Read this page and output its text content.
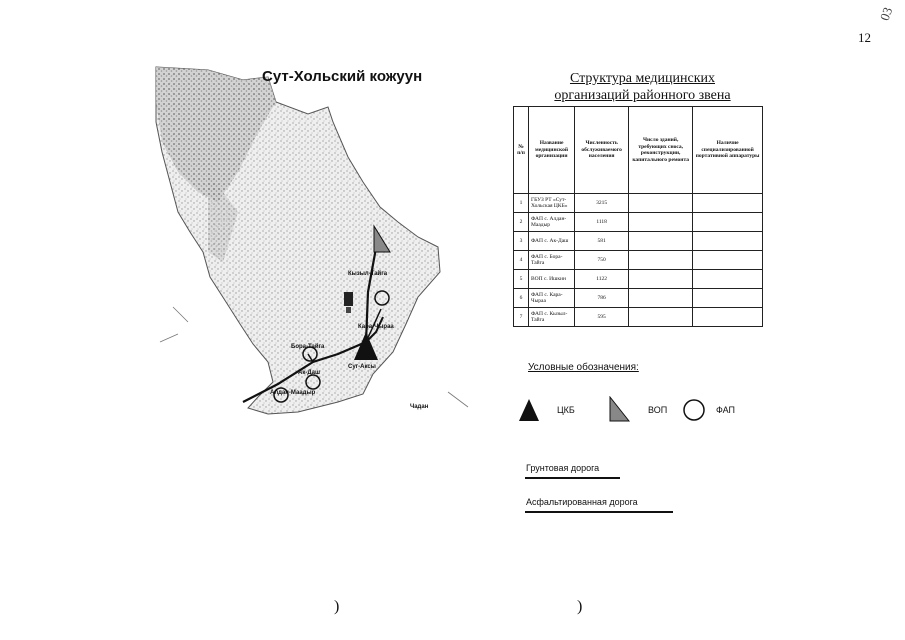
03
12
Кызыл-Тайга
Кара-Чыраа
Бора-Тайга
Ак-Даш
Суг-Аксы
Алдан-Маадыр
Чадан
Сут-Хольский кожуун	Структура медицинских
организаций районного звена
№ п/п	Название медицинской организации	Численность обслуживаемого населения	Число зданий, требующих сноса, реконструкции, капитального ремонта	Наличие специализированной портативной аппаратуры
1	ГБУЗ РТ «Сут-Хольская ЦКБ»	3215		
2	ФАП с. Алдан-Маадыр	1118		
3	ФАП с. Ак-Даш	581		
4	ФАП с. Бора-Тайга	750		
5	ВОП с. Ишкин	1122		
6	ФАП с. Кара-Чыраа	786		
7	ФАП с. Кызыл-Тайга	595		
Условные обозначения:
ЦКБ	ВОП	ФАП
Грунтовая дорога
Асфальтированная дорога
)	)
